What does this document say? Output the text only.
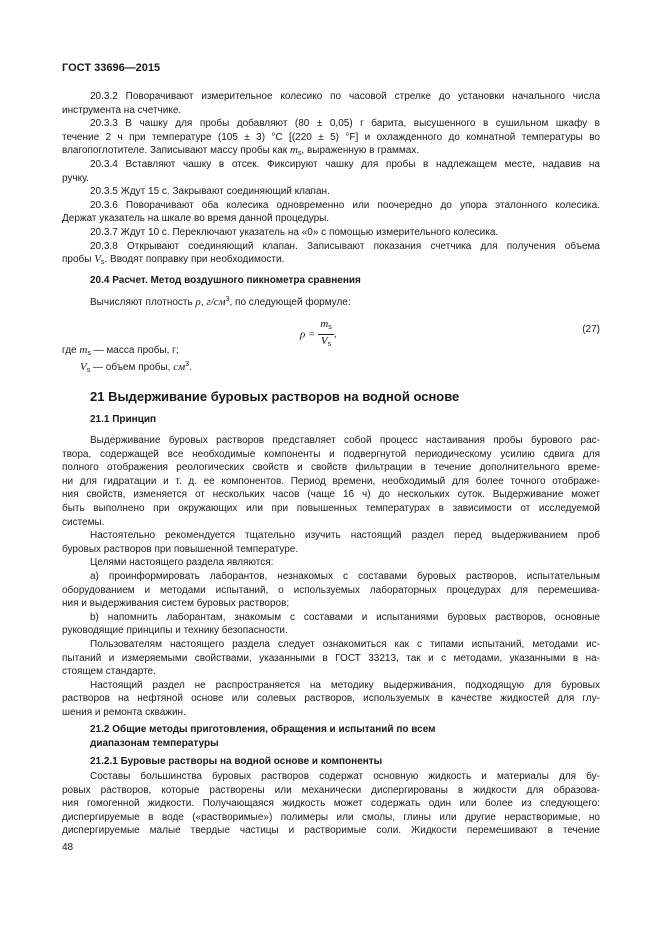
ГОСТ 33696—2015
20.3.2 Поворачивают измерительное колесико по часовой стрелке до установки начального числа
инструмента на счетчике.
20.3.3 В чашку для пробы добавляют (80 ± 0,05) г барита, высушенного в сушильном шкафу в
течение 2 ч при температуре (105 ± 3) °С [(220 ± 5) °F] и охлажденного до комнатной температуры во
влагопоглотителе. Записывают массу пробы как $m_s$, выраженную в граммах.
20.3.4 Вставляют чашку в отсек. Фиксируют чашку для пробы в надлежащем месте, надавив на
ручку.
20.3.5 Ждут 15 с. Закрывают соединяющий клапан.
20.3.6 Поворачивают оба колесика одновременно или поочередно до упора эталонного колесика.
Держат указатель на шкале во время данной процедуры.
20.3.7 Ждут 10 с. Переключают указатель на «0» с помощью измерительного колесика.
20.3.8 Открывают соединяющий клапан. Записывают показания счетчика для получения объема
пробы $V_s$. Вводят поправку при необходимости.
20.4 Расчет. Метод воздушного пикнометра сравнения
Вычисляют плотность ρ, $г/см^3$, по следующей формуле:
$\rho = \frac{m_s}{V_s}$ ,	(27)
где $m_s$ — масса пробы, г;
$V_s$ — объем пробы, $см^3$.
21 Выдерживание буровых растворов на водной основе
21.1 Принцип
Выдерживание буровых растворов представляет собой процесс настаивания пробы бурового рас-
твора, содержащей все необходимые компоненты и подвергнутой периодическому усилию сдвига для
полного отображения реологических свойств и свойств фильтрации в течение дополнительного време-
ни для гидратации и т. д. ее компонентов. Период времени, необходимый для более точного отображе-
ния свойств, изменяется от нескольких часов (чаще 16 ч) до нескольких суток. Выдерживание может
быть выполнено при окружающих или при повышенных температурах в зависимости от исследуемой
системы.
Настоятельно рекомендуется тщательно изучить настоящий раздел перед выдерживанием проб
буровых растворов при повышенной температуре.
Целями настоящего раздела являются:
а) проинформировать лаборантов, незнакомых с составами буровых растворов, испытательным
оборудованием и методами испытаний, о используемых лабораторных процедурах для перемешива-
ния и выдерживания систем буровых растворов;
b) напомнить лаборантам, знакомым с составами и испытаниями буровых растворов, основные
руководящие принципы и технику безопасности.
Пользователям настоящего раздела следует ознакомиться как с типами испытаний, методами ис-
пытаний и измеряемыми свойствами, указанными в ГОСТ 33213, так и с методами, указанными в на-
стоящем стандарте.
Настоящий раздел не распространяется на методику выдерживания, подходящую для буровых
растворов на нефтяной основе или солевых растворов, используемых в качестве жидкостей для глу-
шения и ремонта скважин.
21.2 Общие методы приготовления, обращения и испытаний по всем
диапазонам температуры
21.2.1 Буровые растворы на водной основе и компоненты
Составы большинства буровых растворов содержат основную жидкость и материалы для бу-
ровых растворов, которые растворены или механически диспергированы в жидкости для образова-
ния гомогенной жидкости. Получающаяся жидкость может содержать один или более из следующего:
диспергируемые в воде («растворимые») полимеры или смолы, глины или другие нерастворимые, но
диспергируемые малые твердые частицы и растворимые соли. Жидкости перемешивают в течение
48
